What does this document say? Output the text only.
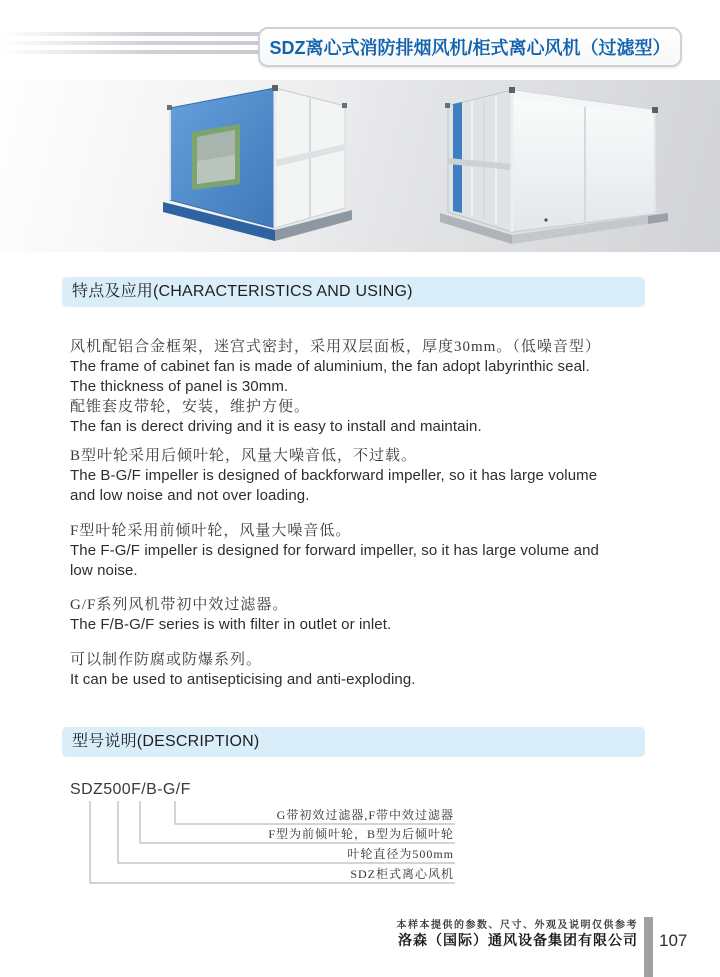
SDZ离心式消防排烟风机/柜式离心风机（过滤型）
特点及应用(CHARACTERISTICS AND USING)
风机配铝合金框架，迷宫式密封，采用双层面板，厚度30mm。（低噪音型）
The frame of cabinet fan is made of aluminium, the fan adopt labyrinthic seal.
The thickness of panel is 30mm.
配锥套皮带轮，安装，维护方便。
The fan is derect driving and it is easy to install and maintain.
B型叶轮采用后倾叶轮，风量大噪音低，不过载。
The B-G/F impeller is designed of backforward impeller, so it has large volume
and low noise and not over loading.
F型叶轮采用前倾叶轮，风量大噪音低。
The F-G/F impeller is designed for forward impeller, so it has large volume and
low noise.
G/F系列风机带初中效过滤器。
The F/B-G/F series is with filter in outlet or inlet.
可以制作防腐或防爆系列。
It can be used to antisepticising and anti-exploding.
型号说明(DESCRIPTION)
SDZ500F/B-G/F
G带初效过滤器,F带中效过滤器
F型为前倾叶轮，B型为后倾叶轮
叶轮直径为500mm
SDZ柜式离心风机
本样本提供的参数、尺寸、外观及说明仅供参考
洛森（国际）通风设备集团有限公司 107
